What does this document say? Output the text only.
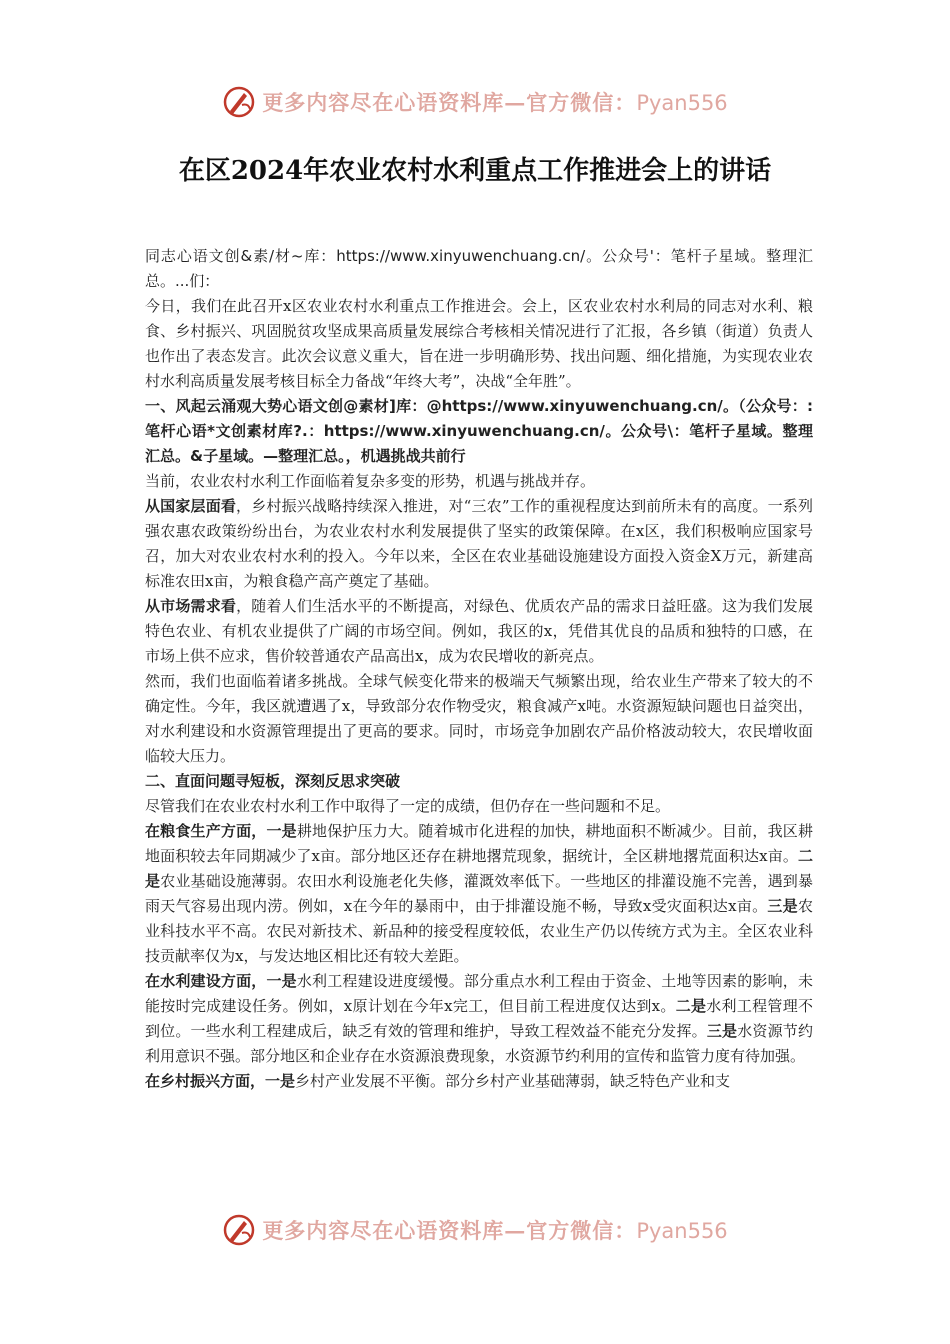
更多内容尽在心语资料库—官方微信：Pyan556
在区2024年农业农村水利重点工作推进会上的讲话

同志心语文创&素/材~库：https://www.xinyuwenchuang.cn/。公众号'：笔杆子星域。整理汇总。...们：

今日，我们在此召开x区农业农村水利重点工作推进会。会上，区农业农村水利局的同志对水利、粮食、乡村振兴、巩固脱贫攻坚成果高质量发展综合考核相关情况进行了汇报，各乡镇（街道）负责人也作出了表态发言。此次会议意义重大，旨在进一步明确形势、找出问题、细化措施，为实现农业农村水利高质量发展考核目标全力备战“年终大考”，决战“全年胜”。

一、风起云涌观大势心语文创@素材]库：@https://www.xinyuwenchuang.cn/。（公众号：:笔杆心语*文创素材库?.：https://www.xinyuwenchuang.cn/。公众号\：笔杆子星域。整理汇总。&子星域。—整理汇总。，机遇挑战共前行

当前，农业农村水利工作面临着复杂多变的形势，机遇与挑战并存。

从国家层面看，乡村振兴战略持续深入推进，对“三农”工作的重视程度达到前所未有的高度。一系列强农惠农政策纷纷出台，为农业农村水利发展提供了坚实的政策保障。在x区，我们积极响应国家号召，加大对农业农村水利的投入。今年以来，全区在农业基础设施建设方面投入资金X万元，新建高标准农田x亩，为粮食稳产高产奠定了基础。

从市场需求看，随着人们生活水平的不断提高，对绿色、优质农产品的需求日益旺盛。这为我们发展特色农业、有机农业提供了广阔的市场空间。例如，我区的x，凭借其优良的品质和独特的口感，在市场上供不应求，售价较普通农产品高出x，成为农民增收的新亮点。

然而，我们也面临着诸多挑战。全球气候变化带来的极端天气频繁出现，给农业生产带来了较大的不确定性。今年，我区就遭遇了x，导致部分农作物受灾，粮食减产x吨。水资源短缺问题也日益突出，对水利建设和水资源管理提出了更高的要求。同时，市场竞争加剧农产品价格波动较大，农民增收面临较大压力。

二、直面问题寻短板，深刻反思求突破

尽管我们在农业农村水利工作中取得了一定的成绩，但仍存在一些问题和不足。

在粮食生产方面，一是耕地保护压力大。随着城市化进程的加快，耕地面积不断减少。目前，我区耕地面积较去年同期减少了x亩。部分地区还存在耕地撂荒现象，据统计，全区耕地撂荒面积达x亩。二是农业基础设施薄弱。农田水利设施老化失修，灌溉效率低下。一些地区的排灌设施不完善，遇到暴雨天气容易出现内涝。例如，x在今年的暴雨中，由于排灌设施不畅，导致x受灾面积达x亩。三是农业科技水平不高。农民对新技术、新品种的接受程度较低，农业生产仍以传统方式为主。全区农业科技贡献率仅为x，与发达地区相比还有较大差距。

在水利建设方面，一是水利工程建设进度缓慢。部分重点水利工程由于资金、土地等因素的影响，未能按时完成建设任务。例如，x原计划在今年x完工，但目前工程进度仅达到x。二是水利工程管理不到位。一些水利工程建成后，缺乏有效的管理和维护，导致工程效益不能充分发挥。三是水资源节约利用意识不强。部分地区和企业存在水资源浪费现象，水资源节约利用的宣传和监管力度有待加强。

在乡村振兴方面，一是乡村产业发展不平衡。部分乡村产业基础薄弱，缺乏特色产业和支

更多内容尽在心语资料库—官方微信：Pyan556
